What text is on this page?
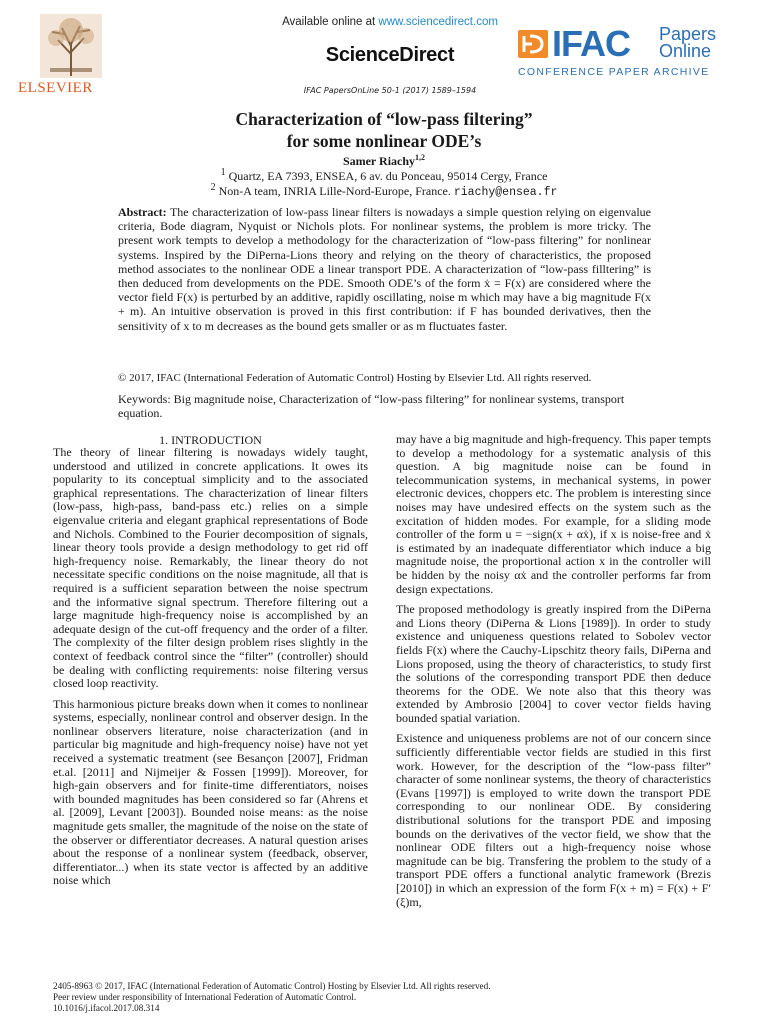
ELSEVIER
Available online at www.sciencedirect.com
ScienceDirect
IFAC PapersOnLine 50-1 (2017) 1589–1594
IFAC Papers
Online
CONFERENCE PAPER ARCHIVE
Characterization of “low-pass filtering”
for some nonlinear ODE’s
Samer Riachy$^{1,2}$
$^1$ Quartz, EA 7393, ENSEA, 6 av. du Ponceau, 95014 Cergy, France
$^2$ Non-A team, INRIA Lille-Nord-Europe, France. riachy@ensea.fr
Abstract: The characterization of low-pass linear filters is nowadays a simple question relying on eigenvalue criteria, Bode diagram, Nyquist or Nichols plots. For nonlinear systems, the problem is more tricky. The present work tempts to develop a methodology for the characterization of “low-pass filtering” for nonlinear systems. Inspired by the DiPerna-Lions theory and relying on the theory of characteristics, the proposed method associates to the nonlinear ODE a linear transport PDE. A characterization of “low-pass filltering” is then deduced from developments on the PDE. Smooth ODE’s of the form ẋ = F(x) are considered where the vector field F(x) is perturbed by an additive, rapidly oscillating, noise m which may have a big magnitude F(x + m). An intuitive observation is proved in this first contribution: if F has bounded derivatives, then the sensitivity of x to m decreases as the bound gets smaller or as m fluctuates faster.
© 2017, IFAC (International Federation of Automatic Control) Hosting by Elsevier Ltd. All rights reserved.
Keywords: Big magnitude noise, Characterization of “low-pass filtering” for nonlinear systems, transport equation.
1. INTRODUCTION

The theory of linear filtering is nowadays widely taught, understood and utilized in concrete applications. It owes its popularity to its conceptual simplicity and to the associated graphical representations. The characterization of linear filters (low-pass, high-pass, band-pass etc.) relies on a simple eigenvalue criteria and elegant graphical representations of Bode and Nichols. Combined to the Fourier decomposition of signals, linear theory tools provide a design methodology to get rid off high-frequency noise. Remarkably, the linear theory do not necessitate specific conditions on the noise magnitude, all that is required is a sufficient separation between the noise spectrum and the informative signal spectrum. Therefore filtering out a large magnitude high-frequency noise is accomplished by an adequate design of the cut-off frequency and the order of a filter. The complexity of the filter design problem rises slightly in the context of feedback control since the “filter” (controller) should be dealing with conflicting requirements: noise filtering versus closed loop reactivity.

This harmonious picture breaks down when it comes to nonlinear systems, especially, nonlinear control and observer design. In the nonlinear observers literature, noise characterization (and in particular big magnitude and high-frequency noise) have not yet received a systematic treatment (see Besançon [2007], Fridman et.al. [2011] and Nijmeijer & Fossen [1999]). Moreover, for high-gain observers and for finite-time differentiators, noises with bounded magnitudes has been considered so far (Ahrens et al. [2009], Levant [2003]). Bounded noise means: as the noise magnitude gets smaller, the magnitude of the noise on the state of the observer or differentiator decreases. A natural question arises about the response of a nonlinear system (feedback, observer, differentiator...) when its state vector is affected by an additive noise which

may have a big magnitude and high-frequency. This paper tempts to develop a methodology for a systematic analysis of this question. A big magnitude noise can be found in telecommunication systems, in mechanical systems, in power electronic devices, choppers etc. The problem is interesting since noises may have undesired effects on the system such as the excitation of hidden modes. For example, for a sliding mode controller of the form u = −sign(x + αẋ), if x is noise-free and ẋ is estimated by an inadequate differentiator which induce a big magnitude noise, the proportional action x in the controller will be hidden by the noisy αẋ and the controller performs far from design expectations.

The proposed methodology is greatly inspired from the DiPerna and Lions theory (DiPerna & Lions [1989]). In order to study existence and uniqueness questions related to Sobolev vector fields F(x) where the Cauchy-Lipschitz theory fails, DiPerna and Lions proposed, using the theory of characteristics, to study first the solutions of the corresponding transport PDE then deduce theorems for the ODE. We note also that this theory was extended by Ambrosio [2004] to cover vector fields having bounded spatial variation.

Existence and uniqueness problems are not of our concern since sufficiently differentiable vector fields are studied in this first work. However, for the description of the “low-pass filter” character of some nonlinear systems, the theory of characteristics (Evans [1997]) is employed to write down the transport PDE corresponding to our nonlinear ODE. By considering distributional solutions for the transport PDE and imposing bounds on the derivatives of the vector field, we show that the nonlinear ODE filters out a high-frequency noise whose magnitude can be big. Transfering the problem to the study of a transport PDE offers a functional analytic framework (Brezis [2010]) in which an expression of the form F(x + m) = F(x) + F′(ξ)m,

2405-8963 © 2017, IFAC (International Federation of Automatic Control) Hosting by Elsevier Ltd. All rights reserved.
Peer review under responsibility of International Federation of Automatic Control.
10.1016/j.ifacol.2017.08.314
